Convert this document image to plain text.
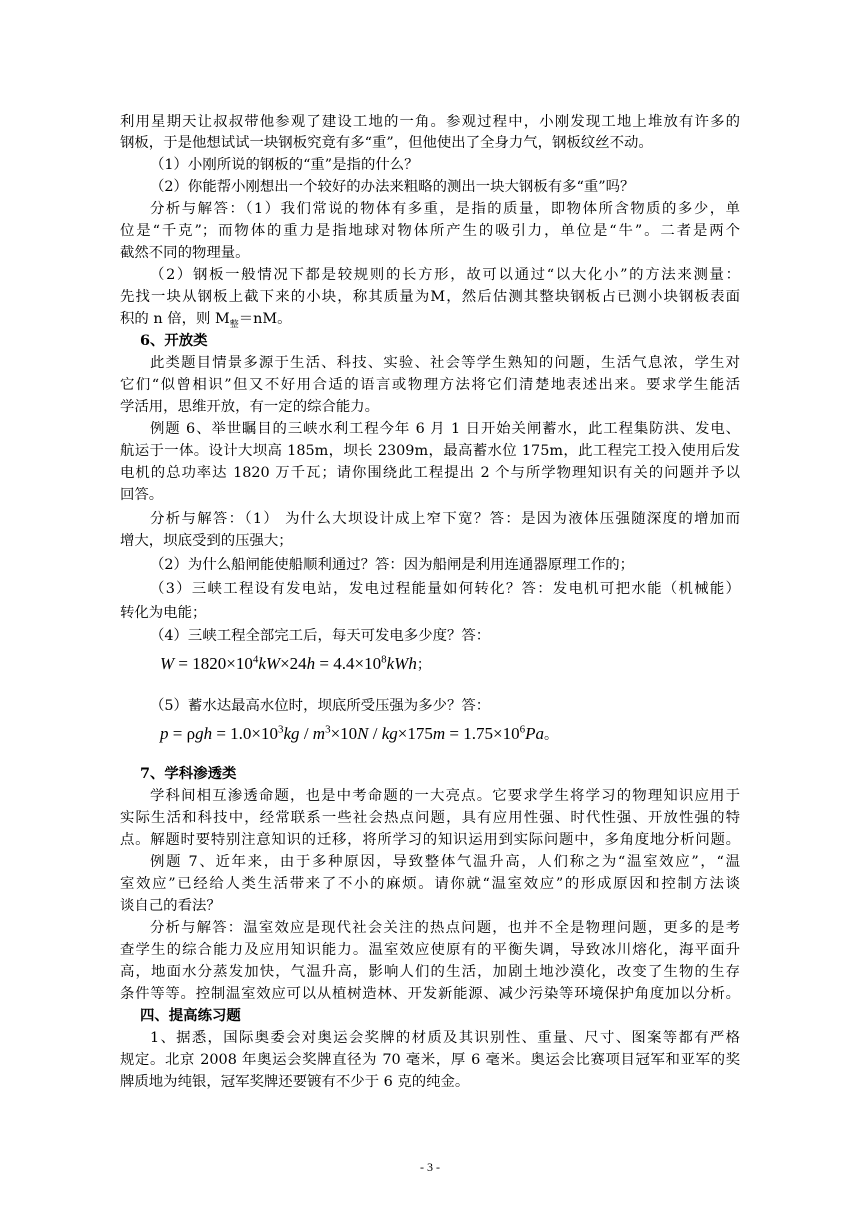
利用星期天让叔叔带他参观了建设工地的一角。参观过程中，小刚发现工地上堆放有许多的
钢板，于是他想试试一块钢板究竟有多“重”，但他使出了全身力气，钢板纹丝不动。
（1）小刚所说的钢板的“重”是指的什么？
（2）你能帮小刚想出一个较好的办法来粗略的测出一块大钢板有多“重”吗？
分析与解答：（1）我们常说的物体有多重，是指的质量，即物体所含物质的多少，单
位是“千克”；而物体的重力是指地球对物体所产生的吸引力，单位是“牛”。二者是两个
截然不同的物理量。
（2）钢板一般情况下都是较规则的长方形，故可以通过“以大化小”的方法来测量：
先找一块从钢板上截下来的小块，称其质量为M，然后估测其整块钢板占已测小块钢板表面
积的 n 倍，则 $M_整=nM$。
6、开放类
此类题目情景多源于生活、科技、实验、社会等学生熟知的问题，生活气息浓，学生对
它们“似曾相识”但又不好用合适的语言或物理方法将它们清楚地表述出来。要求学生能活
学活用，思维开放，有一定的综合能力。
例题 6、举世瞩目的三峡水利工程今年 6 月 1 日开始关闸蓄水，此工程集防洪、发电、
航运于一体。设计大坝高 185m，坝长 2309m，最高蓄水位 175m，此工程完工投入使用后发
电机的总功率达 1820 万千瓦；请你围绕此工程提出 2 个与所学物理知识有关的问题并予以
回答。
分析与解答：（1） 为什么大坝设计成上窄下宽？答：是因为液体压强随深度的增加而
增大，坝底受到的压强大；
（2）为什么船闸能使船顺利通过？答：因为船闸是利用连通器原理工作的；
（3）三峡工程设有发电站，发电过程能量如何转化？答：发电机可把水能（机械能）
转化为电能；
（4）三峡工程全部完工后，每天可发电多少度？答：
$W = 1820\times 10^4kW\times 24h = 4.4\times 10^8kWh$；
（5）蓄水达最高水位时，坝底所受压强为多少？答：
$p = \rho gh = 1.0\times 10^3kg / m^3\times 10N / kg\times 175m = 1.75\times 10^6Pa$。
7、学科渗透类
学科间相互渗透命题，也是中考命题的一大亮点。它要求学生将学习的物理知识应用于
实际生活和科技中，经常联系一些社会热点问题，具有应用性强、时代性强、开放性强的特
点。解题时要特别注意知识的迁移，将所学习的知识运用到实际问题中，多角度地分析问题。
例题 7、近年来，由于多种原因，导致整体气温升高，人们称之为“温室效应”，“温
室效应”已经给人类生活带来了不小的麻烦。请你就“温室效应”的形成原因和控制方法谈
谈自己的看法？
分析与解答：温室效应是现代社会关注的热点问题，也并不全是物理问题，更多的是考
查学生的综合能力及应用知识能力。温室效应使原有的平衡失调，导致冰川熔化，海平面升
高，地面水分蒸发加快，气温升高，影响人们的生活，加剧土地沙漠化，改变了生物的生存
条件等等。控制温室效应可以从植树造林、开发新能源、减少污染等环境保护角度加以分析。
四、提高练习题
1、据悉，国际奥委会对奥运会奖牌的材质及其识别性、重量、尺寸、图案等都有严格
规定。北京 2008 年奥运会奖牌直径为 70 毫米，厚 6 毫米。奥运会比赛项目冠军和亚军的奖
牌质地为纯银，冠军奖牌还要镀有不少于 6 克的纯金。
- 3 -
